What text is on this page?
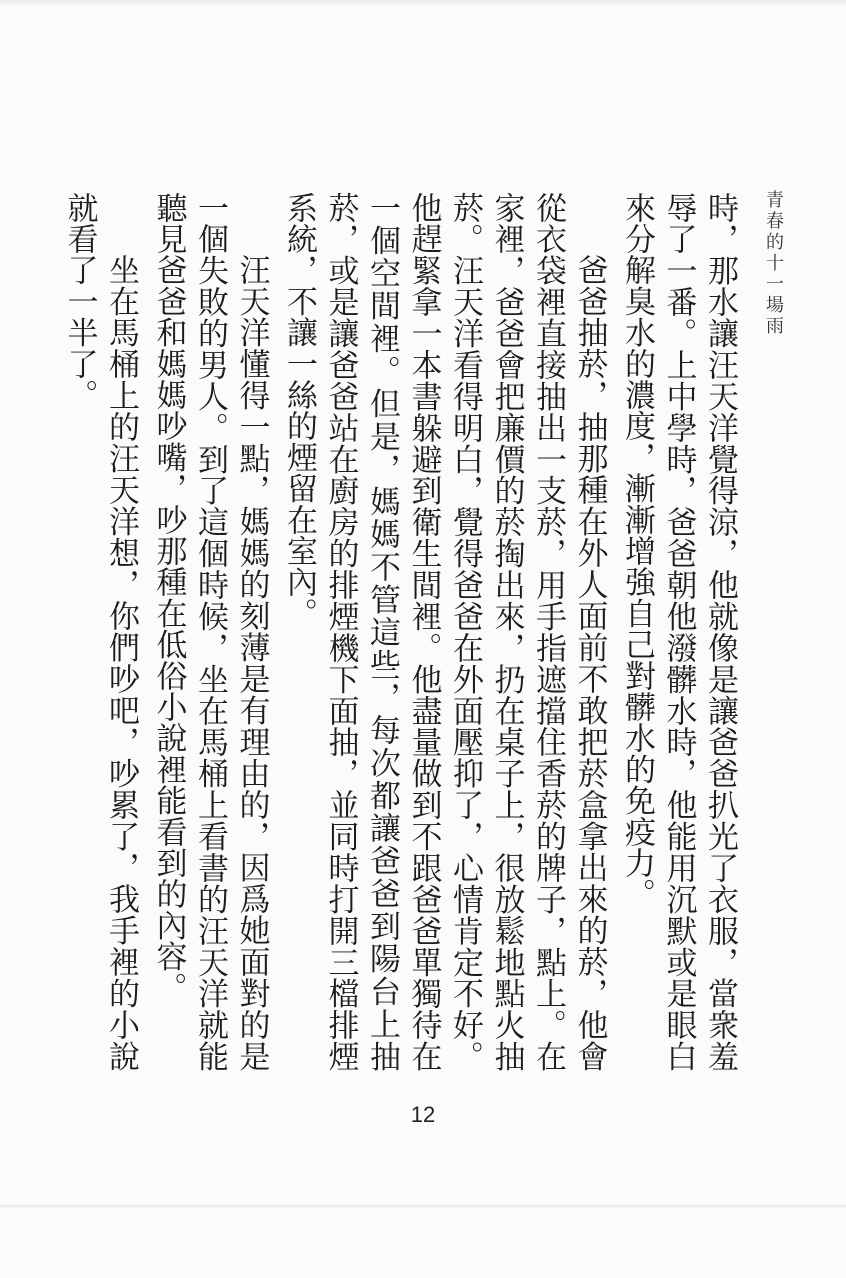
青春的十一場雨

時，那水讓汪天洋覺得涼，他就像是讓爸爸扒光了衣服，當衆羞辱了一番。上中學時，爸爸朝他潑髒水時，他能用沉默或是眼白來分解臭水的濃度，漸漸增強自己對髒水的免疫力。

爸爸抽菸，抽那種在外人面前不敢把菸盒拿出來的菸，他會從衣袋裡直接抽出一支菸，用手指遮擋住香菸的牌子，點上。在家裡，爸爸會把廉價的菸掏出來，扔在桌子上，很放鬆地點火抽菸。汪天洋看得明白，覺得爸爸在外面壓抑了，心情肯定不好。他趕緊拿一本書躲避到衛生間裡。他盡量做到不跟爸爸單獨待在一個空間裡。但是，媽媽不管這些，每次都讓爸爸到陽台上抽菸，或是讓爸爸站在廚房的排煙機下面抽，並同時打開三檔排煙系統，不讓一絲的煙留在室內。

汪天洋懂得一點，媽媽的刻薄是有理由的，因爲她面對的是一個失敗的男人。到了這個時候，坐在馬桶上看書的汪天洋就能聽見爸爸和媽媽吵嘴，吵那種在低俗小說裡能看到的內容。

坐在馬桶上的汪天洋想，你們吵吧，吵累了，我手裡的小說就看了一半了。

12
